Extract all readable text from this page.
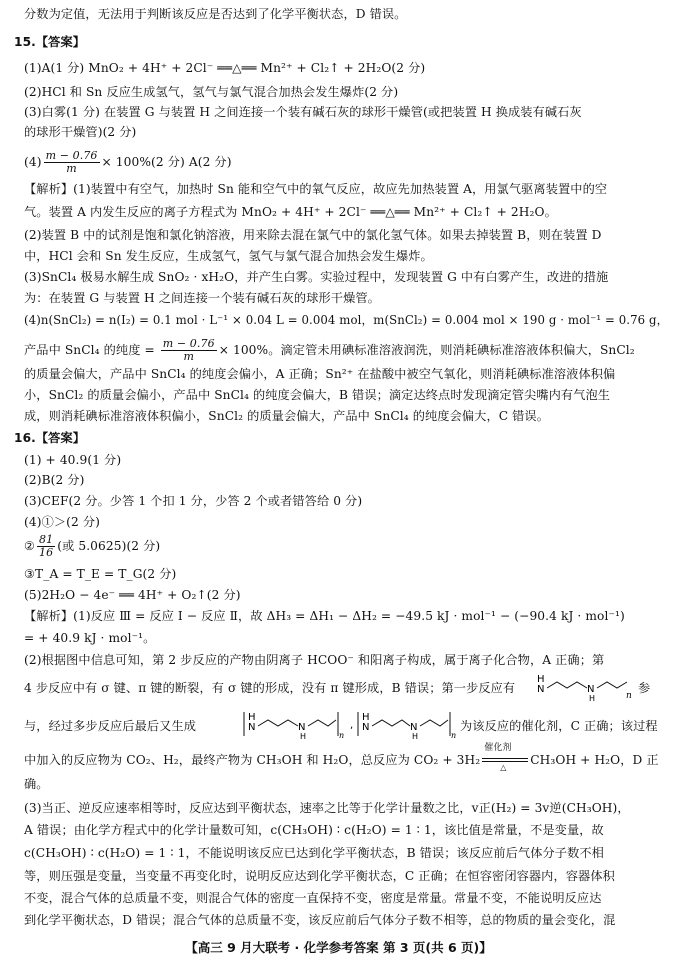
分数为定值，无法用于判断该反应是否达到了化学平衡状态，D 错误。
15.【答案】
(1)A(1 分) MnO₂ + 4H⁺ + 2Cl⁻ ══△══ Mn²⁺ + Cl₂↑ + 2H₂O(2 分)
(2)HCl 和 Sn 反应生成氢气，氢气与氯气混合加热会发生爆炸(2 分)
(3)白雾(1 分) 在装置 G 与装置 H 之间连接一个装有碱石灰的球形干燥管(或把装置 H 换成装有碱石灰
的球形干燥管)(2 分)
$(4) \frac{m - 0.76}{m} \times 100\%(2$ 分) A(2 分)
【解析】(1)装置中有空气，加热时 Sn 能和空气中的氧气反应，故应先加热装置 A，用氯气驱离装置中的空
气。装置 A 内发生反应的离子方程式为 MnO₂ + 4H⁺ + 2Cl⁻ ══△══ Mn²⁺ + Cl₂↑ + 2H₂O。
(2)装置 B 中的试剂是饱和氯化钠溶液，用来除去混在氯气中的氯化氢气体。如果去掉装置 B，则在装置 D
中，HCl 会和 Sn 发生反应，生成氢气，氢气与氯气混合加热会发生爆炸。
(3)SnCl₄ 极易水解生成 SnO₂ · xH₂O，并产生白雾。实验过程中，发现装置 G 中有白雾产生，改进的措施
为：在装置 G 与装置 H 之间连接一个装有碱石灰的球形干燥管。
(4)n(SnCl₂) = n(I₂) = 0.1 mol · L⁻¹ × 0.04 L = 0.004 mol，m(SnCl₂) = 0.004 mol × 190 g · mol⁻¹ = 0.76 g，
产品中 SnCl₄ 的纯度 = $\frac{m - 0.76}{m} \times 100\%$。滴定管未用碘标准溶液润洗，则消耗碘标准溶液体积偏大，SnCl₂
的质量会偏大，产品中 SnCl₄ 的纯度会偏小，A 正确；Sn²⁺ 在盐酸中被空气氧化，则消耗碘标准溶液体积偏
小，SnCl₂ 的质量会偏小，产品中 SnCl₄ 的纯度会偏大，B 错误；滴定达终点时发现滴定管尖嘴内有气泡生
成，则消耗碘标准溶液体积偏小，SnCl₂ 的质量会偏大，产品中 SnCl₄ 的纯度会偏大，C 错误。
16.【答案】
(1) + 40.9(1 分)
(2)B(2 分)
(3)CEF(2 分。少答 1 个扣 1 分，少答 2 个或者错答给 0 分)
(4)①＞(2 分)
② $\frac{81}{16}$ (或 5.0625)(2 分)
③T_A = T_E = T_G(2 分)
(5)2H₂O − 4e⁻ ══ 4H⁺ + O₂↑(2 分)
【解析】(1)反应 Ⅲ = 反应 Ⅰ − 反应 Ⅱ，故 ΔH₃ = ΔH₁ − ΔH₂ = −49.5 kJ · mol⁻¹ − (−90.4 kJ · mol⁻¹)
= + 40.9 kJ · mol⁻¹。
(2)根据图中信息可知，第 2 步反应的产物由阴离子 HCOO⁻ 和阳离子构成，属于离子化合物，A 正确；第
4 步反应中有 σ 键、π 键的断裂，有 σ 键的形成，没有 π 键形成，B 错误；第一步反应有
H
N	N
H	n
参
与，经过多步反应后最后又生成
H
N	N
H	n
,
H
N	N
H	n
为该反应的催化剂，C 正确；该过程
中加入的反应物为 CO₂、H₂，最终产物为 CH₃OH 和 H₂O，总反应为 CO₂ + 3H₂
催化剂
△
CH₃OH + H₂O，D 正
确。
(3)当正、逆反应速率相等时，反应达到平衡状态，速率之比等于化学计量数之比，v正(H₂) = 3v逆(CH₃OH)，
A 错误；由化学方程式中的化学计量数可知，c(CH₃OH) ∶ c(H₂O) = 1 ∶ 1，该比值是常量，不是变量，故
c(CH₃OH) ∶ c(H₂O) = 1 ∶ 1，不能说明该反应已达到化学平衡状态，B 错误；该反应前后气体分子数不相
等，则压强是变量，当变量不再变化时，说明反应达到化学平衡状态，C 正确；在恒容密闭容器内，容器体积
不变，混合气体的总质量不变，则混合气体的密度一直保持不变，密度是常量。常量不变，不能说明反应达
到化学平衡状态，D 错误；混合气体的总质量不变，该反应前后气体分子数不相等，总的物质的量会变化，混
【高三 9 月大联考 · 化学参考答案 第 3 页(共 6 页)】
